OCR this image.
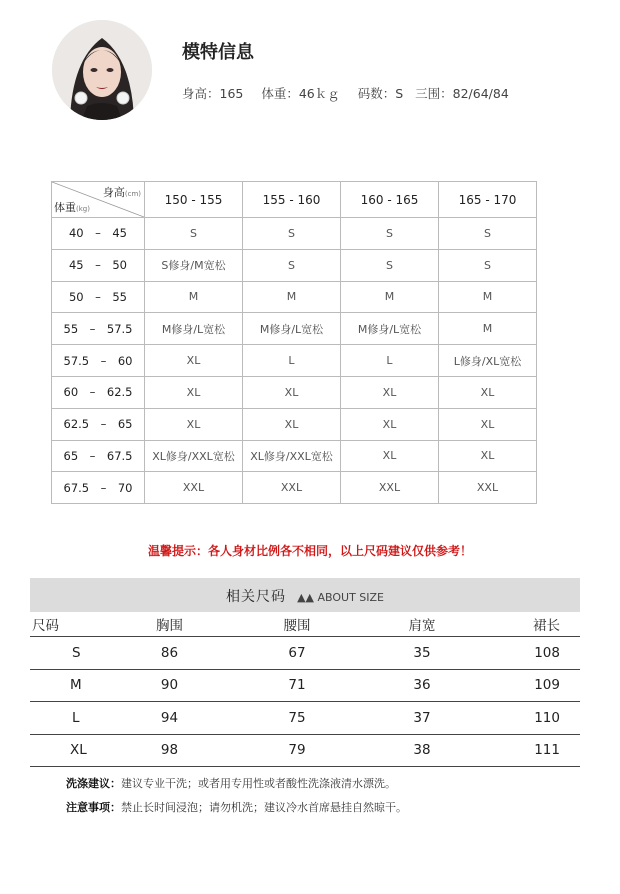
模特信息
身高：165 体重：46ｋｇ 码数：S 三围：82/64/84
身高(cm)
体重(kg)	150 - 155	155 - 160	160 - 165	165 - 170
40　–　45	S	S	S	S
45　–　50	S修身/M宽松	S	S	S
50　–　55	M	M	M	M
55　–　57.5	M修身/L宽松	M修身/L宽松	M修身/L宽松	M
57.5　–　60	XL	L	L	L修身/XL宽松
60　–　62.5	XL	XL	XL	XL
62.5　–　65	XL	XL	XL	XL
65　–　67.5	XL修身/XXL宽松	XL修身/XXL宽松	XL	XL
67.5　–　70	XXL	XXL	XXL	XXL
温馨提示：各人身材比例各不相同，以上尺码建议仅供参考！
相关尺码 ▲▲ ABOUT SIZE
尺码	胸围	腰围	肩宽	裙长
S	86	67	35	108
M	90	71	36	109
L	94	75	37	110
XL	98	79	38	111
洗涤建议：建议专业干洗；或者用专用性或者酸性洗涤液清水漂洗。
注意事项：禁止长时间浸泡；请勿机洗；建议冷水首席悬挂自然晾干。
